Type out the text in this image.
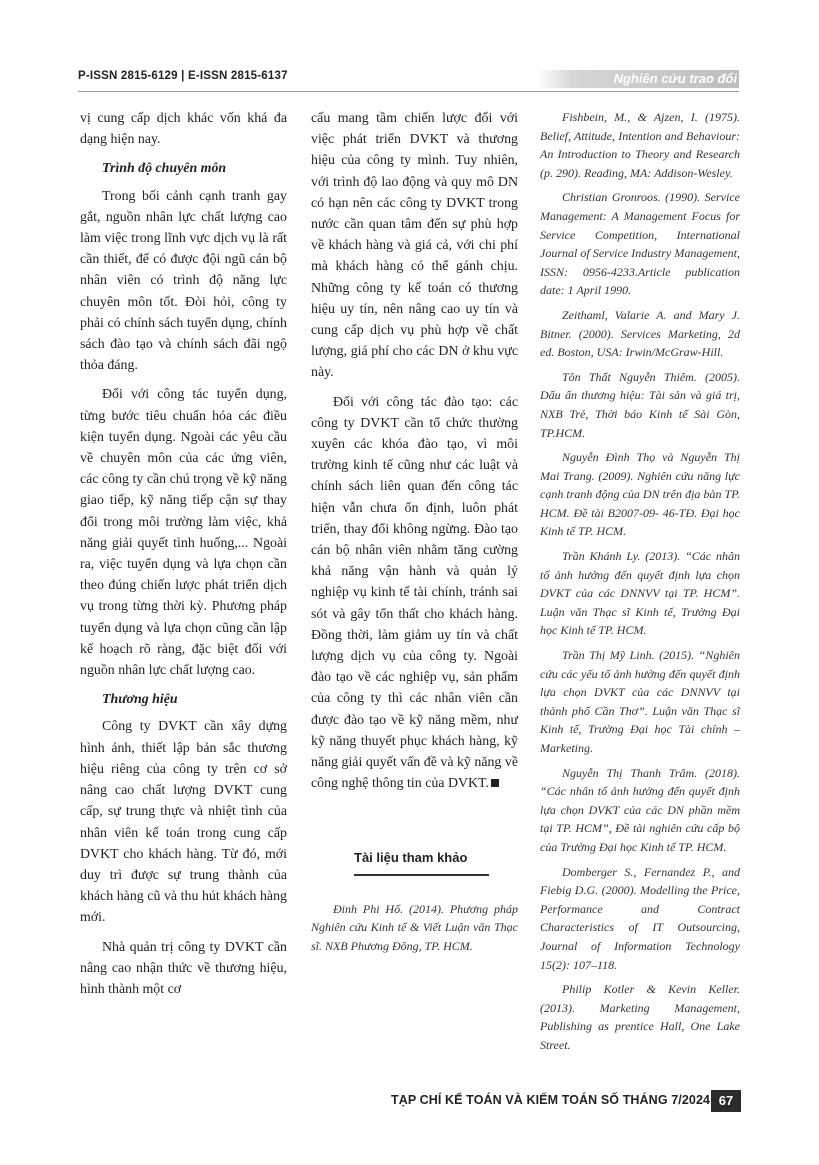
P-ISSN 2815-6129 | E-ISSN 2815-6137	Nghiên cứu trao đổi

vị cung cấp dịch khác vốn khá đa dạng hiện nay.

Trình độ chuyên môn

Trong bối cảnh cạnh tranh gay gắt, nguồn nhân lực chất lượng cao làm việc trong lĩnh vực dịch vụ là rất cần thiết, để có được đội ngũ cán bộ nhân viên có trình độ năng lực chuyên môn tốt. Đòi hỏi, công ty phải có chính sách tuyển dụng, chính sách đào tạo và chính sách đãi ngộ thỏa đáng.

Đối với công tác tuyển dụng, từng bước tiêu chuẩn hóa các điều kiện tuyển dụng. Ngoài các yêu cầu về chuyên môn của các ứng viên, các công ty cần chú trọng về kỹ năng giao tiếp, kỹ năng tiếp cận sự thay đổi trong môi trường làm việc, khả năng giải quyết tình huống,... Ngoài ra, việc tuyển dụng và lựa chọn cần theo đúng chiến lược phát triển dịch vụ trong từng thời kỳ. Phương pháp tuyển dụng và lựa chọn cũng cần lập kế hoạch rõ ràng, đặc biệt đối với nguồn nhân lực chất lượng cao.

Thương hiệu

Công ty DVKT cần xây dựng hình ảnh, thiết lập bản sắc thương hiệu riêng của công ty trên cơ sở nâng cao chất lượng DVKT cung cấp, sự trung thực và nhiệt tình của nhân viên kế toán trong cung cấp DVKT cho khách hàng. Từ đó, mới duy trì được sự trung thành của khách hàng cũ và thu hút khách hàng mới.

Nhà quản trị công ty DVKT cần nâng cao nhận thức về thương hiệu, hình thành một cơ

cấu mang tầm chiến lược đối với việc phát triển DVKT và thương hiệu của công ty mình. Tuy nhiên, với trình độ lao động và quy mô DN có hạn nên các công ty DVKT trong nước cần quan tâm đến sự phù hợp về khách hàng và giá cả, với chi phí mà khách hàng có thể gánh chịu. Những công ty kế toán có thương hiệu uy tín, nên nâng cao uy tín và cung cấp dịch vụ phù hợp về chất lượng, giá phí cho các DN ở khu vực này.

Đối với công tác đào tạo: các công ty DVKT cần tổ chức thường xuyên các khóa đào tạo, vì môi trường kinh tế cũng như các luật và chính sách liên quan đến công tác hiện vẫn chưa ổn định, luôn phát triển, thay đổi không ngừng. Đào tạo cán bộ nhân viên nhằm tăng cường khả năng vận hành và quản lý nghiệp vụ kinh tế tài chính, tránh sai sót và gây tổn thất cho khách hàng. Đồng thời, làm giảm uy tín và chất lượng dịch vụ của công ty. Ngoài đào tạo về các nghiệp vụ, sản phẩm của công ty thì các nhân viên cần được đào tạo về kỹ năng mềm, như kỹ năng thuyết phục khách hàng, kỹ năng giải quyết vấn đề và kỹ năng về công nghệ thông tin của DVKT.

Tài liệu tham khảo

Đinh Phi Hổ. (2014). Phương pháp Nghiên cứu Kinh tế & Viết Luận văn Thạc sĩ. NXB Phương Đông, TP. HCM.

Fishbein, M., & Ajzen, I. (1975). Belief, Attitude, Intention and Behaviour: An Introduction to Theory and Research (p. 290). Reading, MA: Addison-Wesley.

Christian Gronroos. (1990). Service Management: A Management Focus for Service Competition, International Journal of Service Industry Management, ISSN: 0956-4233.Article publication date: 1 April 1990.

Zeithaml, Valarie A. and Mary J. Bitner. (2000). Services Marketing, 2d ed. Boston, USA: Irwin/McGraw-Hill.

Tôn Thất Nguyễn Thiêm. (2005). Dấu ấn thương hiệu: Tài sản và giá trị, NXB Trẻ, Thời báo Kinh tế Sài Gòn, TP.HCM.

Nguyễn Đình Thọ và Nguyễn Thị Mai Trang. (2009). Nghiên cứu năng lực cạnh tranh động của DN trên địa bàn TP. HCM. Đề tài B2007-09- 46-TĐ. Đại học Kinh tế TP. HCM.

Trần Khánh Ly. (2013). “Các nhân tố ảnh hưởng đến quyết định lựa chọn DVKT của các DNNVV tại TP. HCM”. Luận văn Thạc sĩ Kinh tế, Trường Đại học Kinh tế TP. HCM.

Trần Thị Mỹ Linh. (2015). “Nghiên cứu các yếu tố ảnh hưởng đến quyết định lựa chọn DVKT của các DNNVV tại thành phố Cần Thơ”. Luận văn Thạc sĩ Kinh tế, Trường Đại học Tài chính – Marketing.

Nguyễn Thị Thanh Trâm. (2018). “Các nhân tố ảnh hưởng đến quyết định lựa chọn DVKT của các DN phần mềm tại TP. HCM”, Đề tài nghiên cứu cấp bộ của Trường Đại học Kinh tế TP. HCM.

Domberger S., Fernandez P., and Fiebig D.G. (2000). Modelling the Price, Performance and Contract Characteristics of IT Outsourcing, Journal of Information Technology 15(2): 107–118.

Philip Kotler & Kevin Keller. (2013). Marketing Management, Publishing as prentice Hall, One Lake Street.

TẠP CHÍ KẾ TOÁN VÀ KIỂM TOÁN SỐ THÁNG 7/2024 67
